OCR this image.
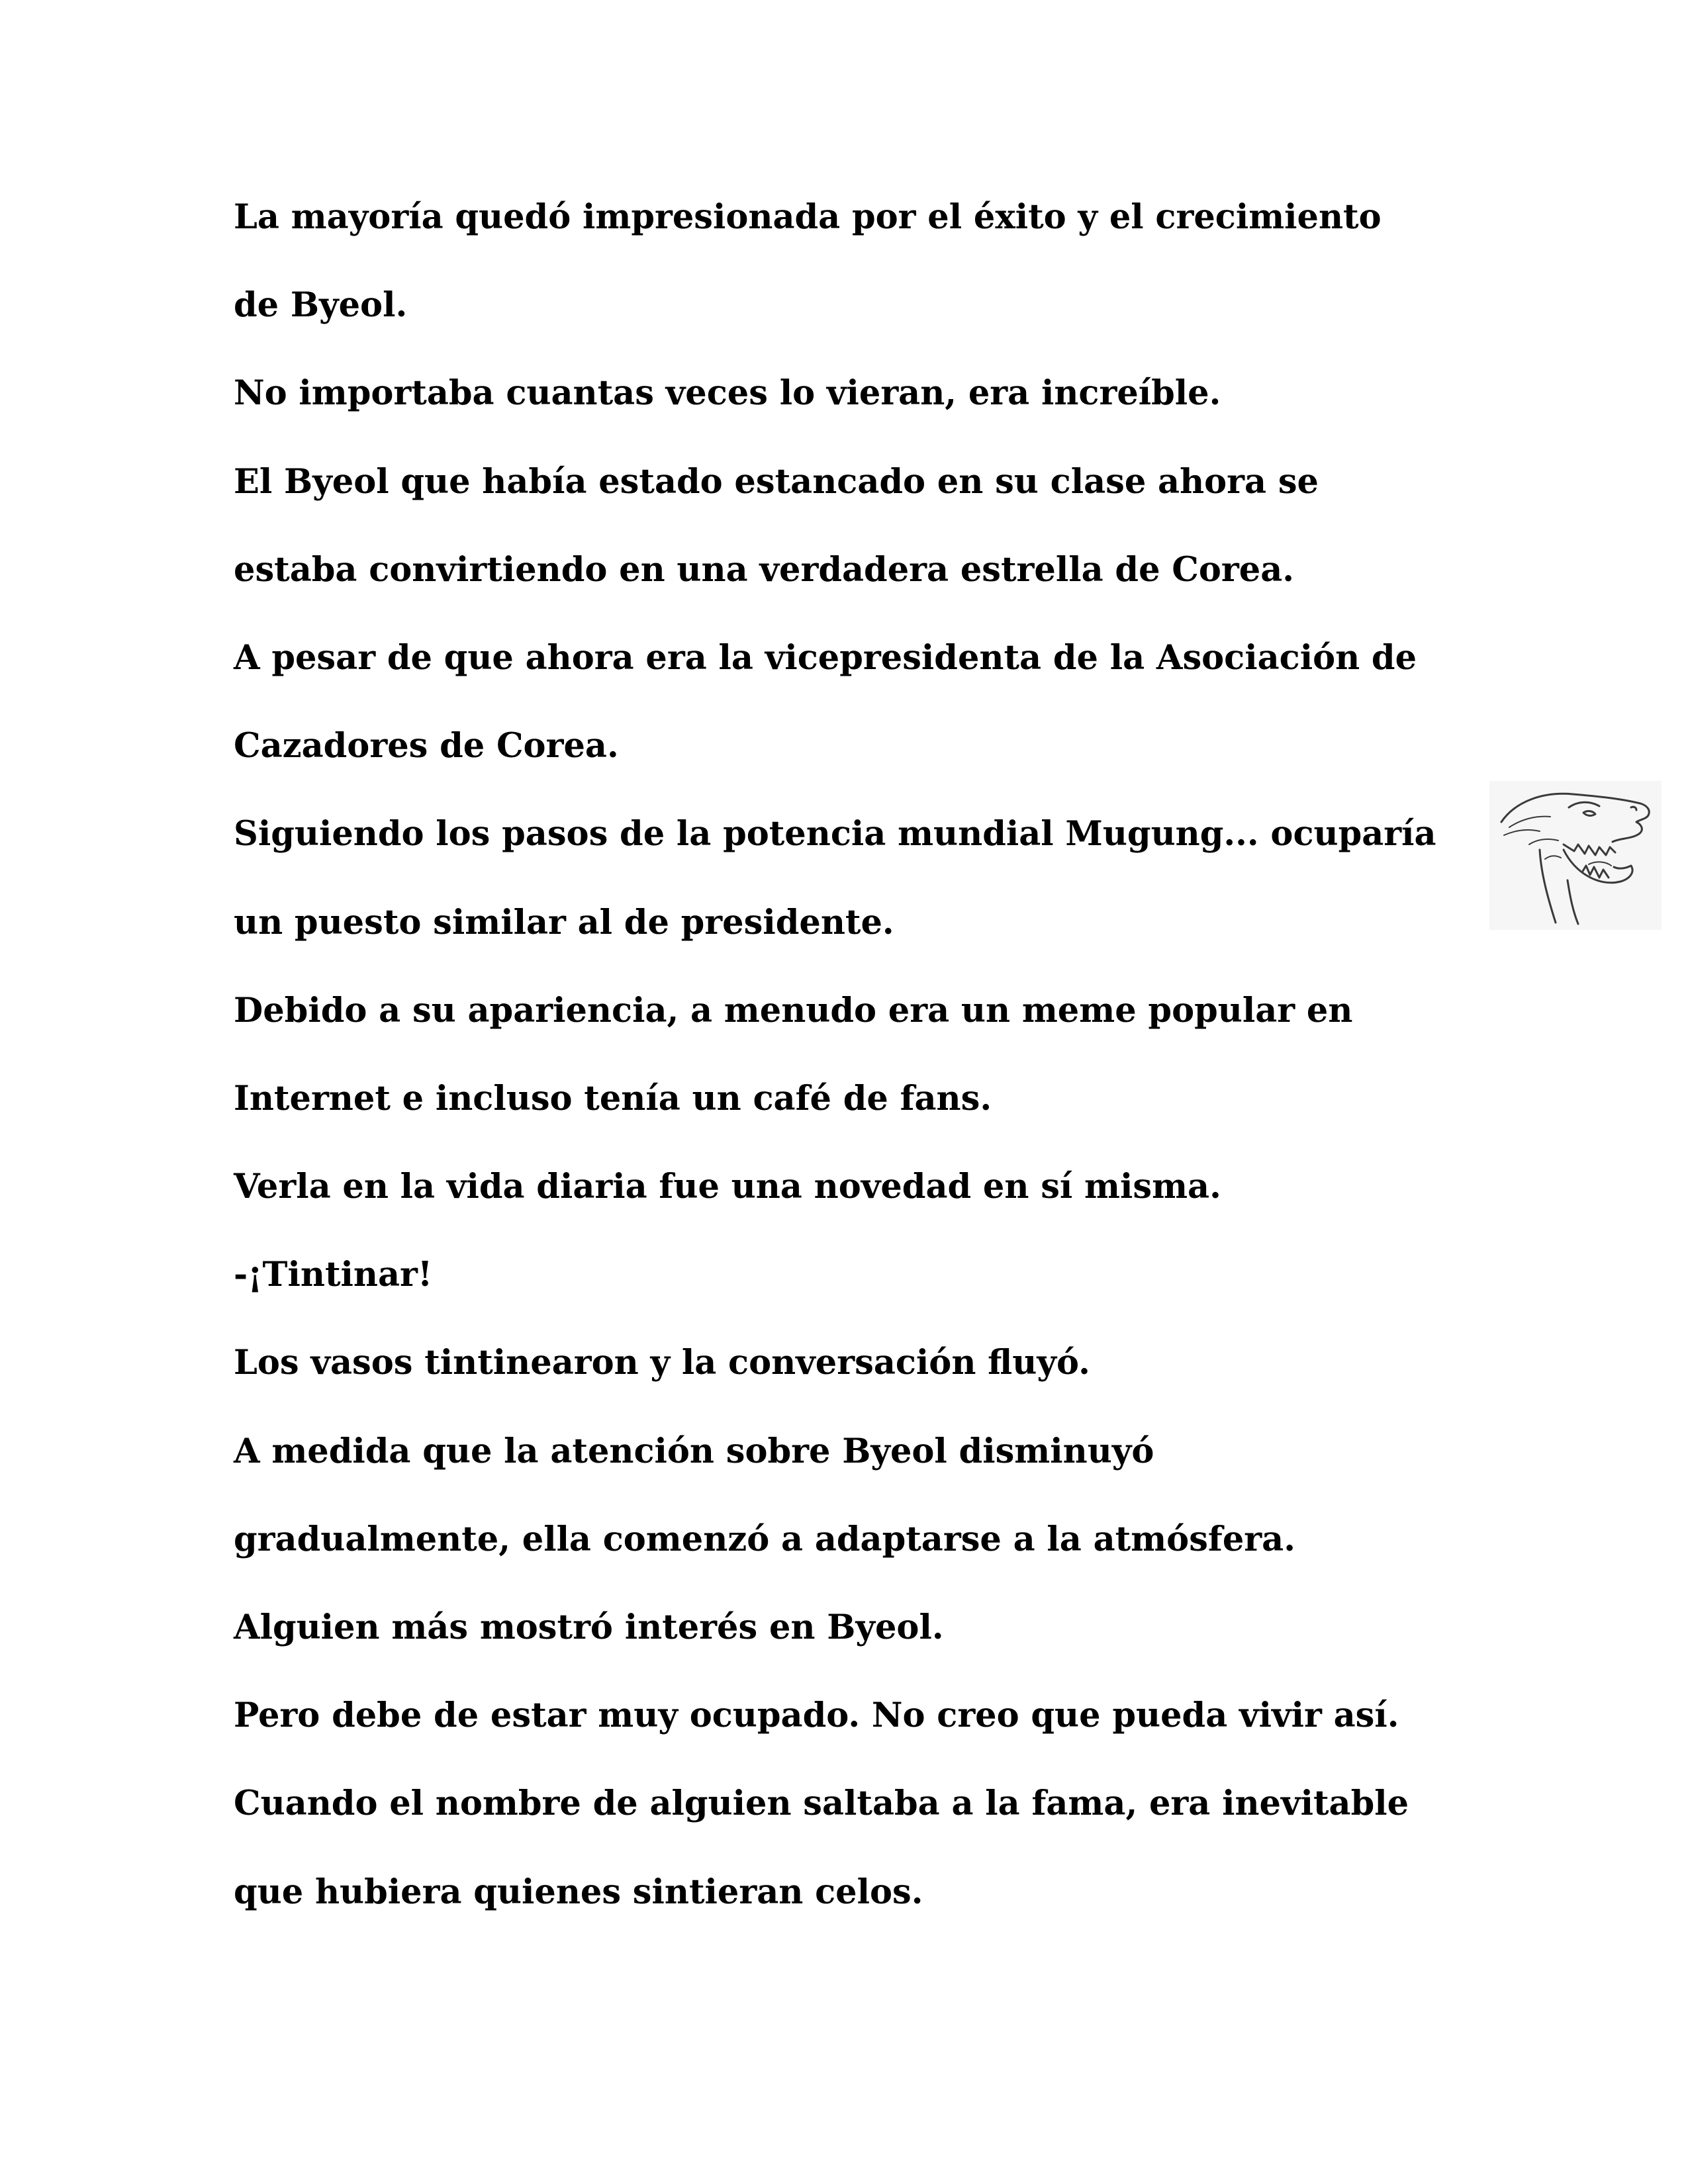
La mayoría quedó impresionada por el éxito y el crecimiento
de Byeol.
No importaba cuantas veces lo vieran, era increíble.
El Byeol que había estado estancado en su clase ahora se
estaba convirtiendo en una verdadera estrella de Corea.
A pesar de que ahora era la vicepresidenta de la Asociación de
Cazadores de Corea.
Siguiendo los pasos de la potencia mundial Mugung... ocuparía
un puesto similar al de presidente.
Debido a su apariencia, a menudo era un meme popular en
Internet e incluso tenía un café de fans.
Verla en la vida diaria fue una novedad en sí misma.
-¡Tintinar!
Los vasos tintinearon y la conversación fluyó.
A medida que la atención sobre Byeol disminuyó
gradualmente, ella comenzó a adaptarse a la atmósfera.
Alguien más mostró interés en Byeol.
Pero debe de estar muy ocupado. No creo que pueda vivir así.
Cuando el nombre de alguien saltaba a la fama, era inevitable
que hubiera quienes sintieran celos.
